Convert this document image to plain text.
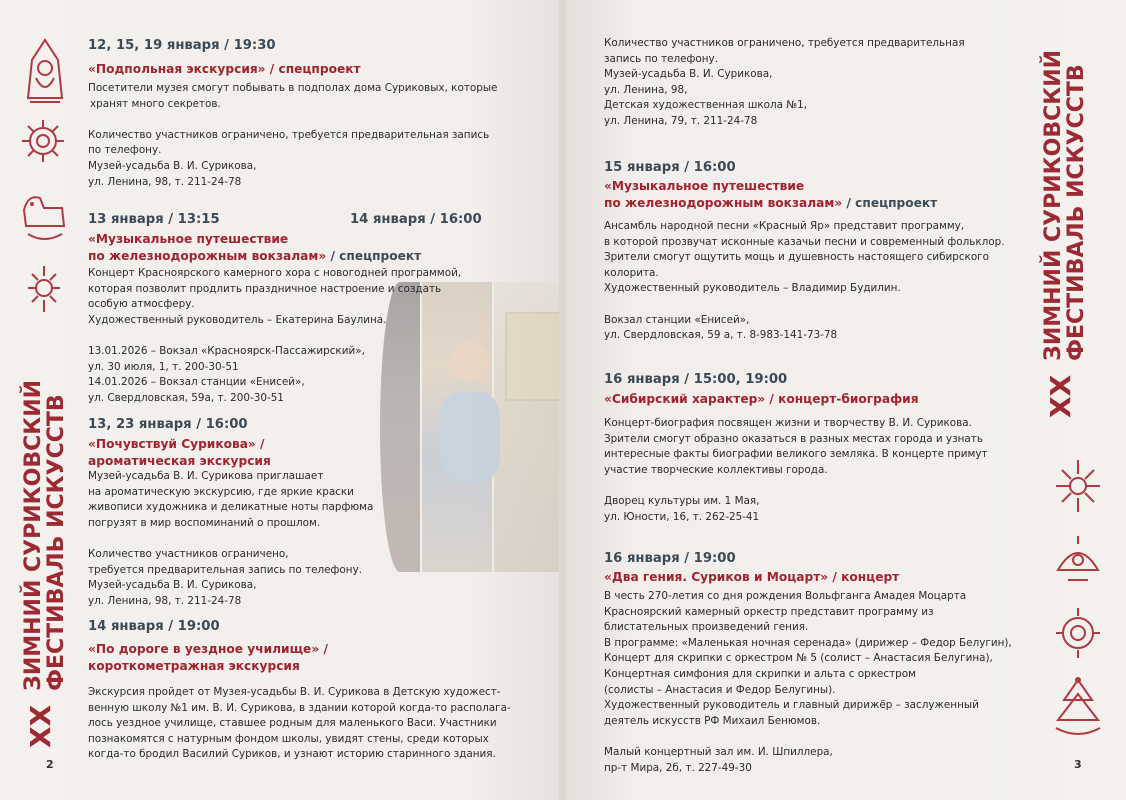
XX
ЗИМНИЙ СУРИКОВСКИЙ
ФЕСТИВАЛЬ ИСКУССТВ
2
12, 15, 19 января / 19:30
«Подпольная экскурсия» / спецпроект
Посетители музея смогут побывать в подполах дома Суриковых, которые
хранят много секретов.
Количество участников ограничено, требуется предварительная запись
по телефону.
Музей-усадьба В. И. Сурикова,
ул. Ленина, 98, т. 211-24-78
13 января / 13:15	14 января / 16:00
«Музыкальное путешествие
по железнодорожным вокзалам» / спецпроект
Концерт Красноярского камерного хора с новогодней программой,
которая позволит продлить праздничное настроение и создать
особую атмосферу.
Художественный руководитель – Екатерина Баулина.
13.01.2026 – Вокзал «Красноярск-Пассажирский»,
ул. 30 июля, 1, т. 200-30-51
14.01.2026 – Вокзал станции «Енисей»,
ул. Свердловская, 59а, т. 200-30-51
13, 23 января / 16:00
«Почувствуй Сурикова» /
ароматическая экскурсия
Музей-усадьба В. И. Сурикова приглашает
на ароматическую экскурсию, где яркие краски
живописи художника и деликатные ноты парфюма
погрузят в мир воспоминаний о прошлом.
Количество участников ограничено,
требуется предварительная запись по телефону.
Музей-усадьба В. И. Сурикова,
ул. Ленина, 98, т. 211-24-78
14 января / 19:00
«По дороге в уездное училище» /
короткометражная экскурсия
Экскурсия пройдет от Музея-усадьбы В. И. Сурикова в Детскую художест-
венную школу №1 им. В. И. Сурикова, в здании которой когда-то располага-
лось уездное училище, ставшее родным для маленького Васи. Участники
познакомятся с натурным фондом школы, увидят стены, среди которых
когда-то бродил Василий Суриков, и узнают историю старинного здания.
Количество участников ограничено, требуется предварительная
запись по телефону.
Музей-усадьба В. И. Сурикова,
ул. Ленина, 98,
Детская художественная школа №1,
ул. Ленина, 79, т. 211-24-78
15 января / 16:00
«Музыкальное путешествие
по железнодорожным вокзалам» / спецпроект
Ансамбль народной песни «Красный Яр» представит программу,
в которой прозвучат исконные казачьи песни и современный фольклор.
Зрители смогут ощутить мощь и душевность настоящего сибирского
колорита.
Художественный руководитель – Владимир Будилин.
Вокзал станции «Енисей»,
ул. Свердловская, 59 а, т. 8-983-141-73-78
16 января / 15:00, 19:00
«Сибирский характер» / концерт-биография
Концерт-биография посвящен жизни и творчеству В. И. Сурикова.
Зрители смогут образно оказаться в разных местах города и узнать
интересные факты биографии великого земляка. В концерте примут
участие творческие коллективы города.
Дворец культуры им. 1 Мая,
ул. Юности, 16, т. 262-25-41
16 января / 19:00
«Два гения. Суриков и Моцарт» / концерт
В честь 270-летия со дня рождения Вольфганга Амадея Моцарта
Красноярский камерный оркестр представит программу из
блистательных произведений гения.
В программе: «Маленькая ночная серенада» (дирижер – Федор Белугин),
Концерт для скрипки с оркестром № 5 (солист – Анастасия Белугина),
Концертная симфония для скрипки и альта с оркестром
(солисты – Анастасия и Федор Белугины).
Художественный руководитель и главный дирижёр – заслуженный
деятель искусств РФ Михаил Бенюмов.
Малый концертный зал им. И. Шпиллера,
пр-т Мира, 2б, т. 227-49-30
XX
ЗИМНИЙ СУРИКОВСКИЙ
ФЕСТИВАЛЬ ИСКУССТВ
3
